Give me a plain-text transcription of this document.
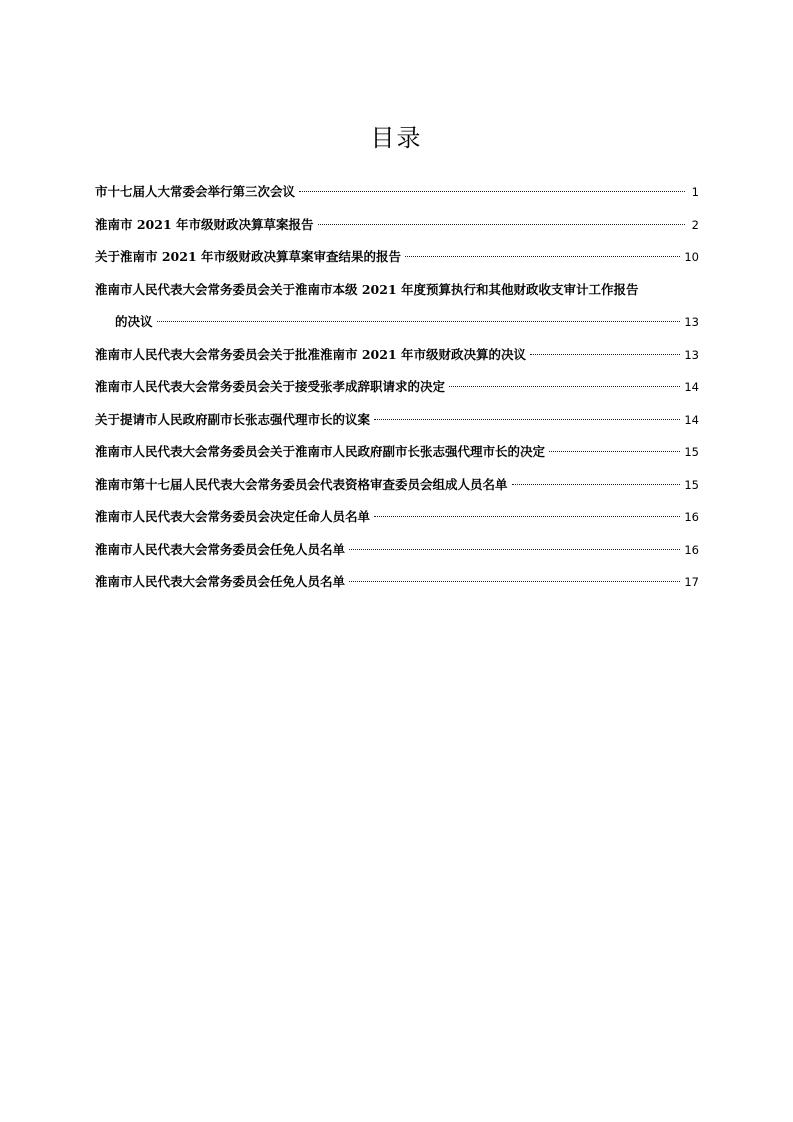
目录
市十七届人大常委会举行第三次会议	1
淮南市 2021 年市级财政决算草案报告	2
关于淮南市 2021 年市级财政决算草案审查结果的报告	10
淮南市人民代表大会常务委员会关于淮南市本级 2021 年度预算执行和其他财政收支审计工作报告
的决议	13
淮南市人民代表大会常务委员会关于批准淮南市 2021 年市级财政决算的决议	13
淮南市人民代表大会常务委员会关于接受张孝成辞职请求的决定	14
关于提请市人民政府副市长张志强代理市长的议案	14
淮南市人民代表大会常务委员会关于淮南市人民政府副市长张志强代理市长的决定	15
淮南市第十七届人民代表大会常务委员会代表资格审查委员会组成人员名单	15
淮南市人民代表大会常务委员会决定任命人员名单	16
淮南市人民代表大会常务委员会任免人员名单	16
淮南市人民代表大会常务委员会任免人员名单	17
